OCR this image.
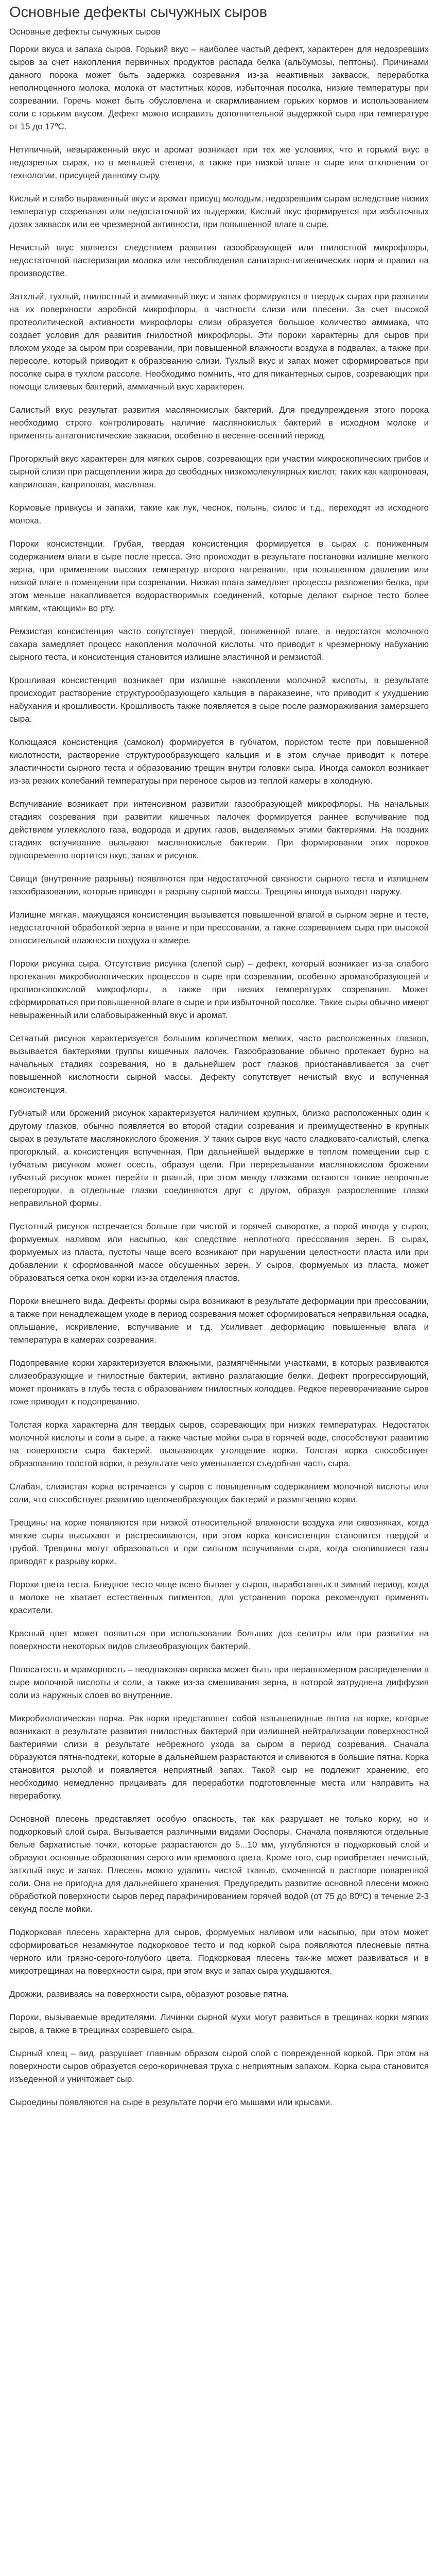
Основные дефекты сычужных сыров
Основные дефекты сычужных сыров

Пороки вкуса и запаха сыров. Горький вкус – наиболее частый дефект, характерен для недозревших сыров за счет накопления первичных продуктов распада белка (альбумозы, пептоны). Причинами данного порока может быть задержка созревания из-за неактивных заквасок, переработка неполноценного молока, молока от маститных коров, избыточная посолка, низкие температуры при созревании. Горечь может быть обусловлена и скармливанием горьких кормов и использованием соли с горьким вкусом. Дефект можно исправить дополнительной выдержкой сыра при температуре от 15 до 17ºС.

Нетипичный, невыраженный вкус и аромат возникает при тех же условиях, что и горький вкус в недозрелых сырах, но в меньшей степени, а также при низкой влаге в сыре или отклонении от технологии, присущей данному сыру.

Кислый и слабо выраженный вкус и аромат присущ молодым, недозревшим сырам вследствие низких температур созревания или недостаточной их выдержки. Кислый вкус формируется при избыточных дозах заквасок или ее чрезмерной активности, при повышенной влаге в сыре.

Нечистый вкус является следствием развития газообразующей или гнилостной микрофлоры, недостаточной пастеризации молока или несоблюдения санитарно-гигиенических норм и правил на производстве.

Затхлый, тухлый, гнилостный и аммиачный вкус и запах формируются в твердых сырах при развитии на их поверхности аэробной микрофлоры, в частности слизи или плесени. За счет высокой протеолитической активности микрофлоры слизи образуется большое количество аммиака, что создает условия для развития гнилостной микрофлоры. Эти пороки характерны для сыров при плохом уходе за сыром при созревании, при повышенной влажности воздуха в подвалах, а также при пересоле, который приводит к образованию слизи. Тухлый вкус и запах может сформироваться при посолке сыра в тухлом рассоле. Необходимо помнить, что для пикантерных сыров, созревающих при помощи слизевых бактерий, аммиачный вкус характерен.

Салистый вкус результат развития маслянокислых бактерий. Для предупреждения этого порока необходимо строго контролировать наличие маслянокислых бактерий в исходном молоке и применять антагонистические закваски, особенно в весенне-осенний период.

Прогорклый вкус характерен для мягких сыров, созревающих при участии микроскопических грибов и сырной слизи при расщеплении жира до свободных низкомолекулярных кислот, таких как капроновая, каприловая, каприловая, масляная.

Кормовые привкусы и запахи, такие как лук, чеснок, полынь, силос и т.д., переходят из исходного молока.

Пороки консистенции. Грубая, твердая консистенция формируется в сырах с пониженным содержанием влаги в сыре после пресса. Это происходит в результате постановки излишне мелкого зерна, при применении высоких температур второго нагревания, при повышенном давлении или низкой влаге в помещении при созревании. Низкая влага замедляет процессы разложения белка, при этом меньше накапливается водорастворимых соединений, которые делают сырное тесто более мягким, «тающим» во рту.

Ремзистая консистенция часто сопутствует твердой, пониженной влаге, а недостаток молочного сахара замедляет процесс накопления молочной кислоты, что приводит к чрезмерному набуханию сырного теста, и консистенция становится излишне эластичной и ремзистой.

Крошливая консистенция возникает при излишне накоплении молочной кислоты, в результате происходит растворение структурообразующего кальция в параказеине, что приводит к ухудшению набухания и крошливости. Крошливость также появляется в сыре после размораживания замерзшего сыра.

Колющаяся консистенция (самокол) формируется в губчатом, пористом тесте при повышенной кислотности, растворение структурообразующего кальция и в этом случае приводит к потере эластичности сырного теста и образованию трещин внутри головки сыра. Иногда самокол возникает из-за резких колебаний температуры при переносе сыров из теплой камеры в холодную.

Вспучивание возникает при интенсивном развитии газообразующей микрофлоры. На начальных стадиях созревания при развитии кишечных палочек формируется раннее вспучивание под действием углекислого газа, водорода и других газов, выделяемых этими бактериями. На поздних стадиях вспучивание вызывают маслянокислые бактерии. При формировании этих пороков одновременно портится вкус, запах и рисунок.

Свищи (внутренние разрывы) появляются при недостаточной связности сырного теста и излишнем газообразовании, которые приводят к разрыву сырной массы. Трещины иногда выходят наружу.

Излишне мягкая, мажущаяся консистенция вызывается повышенной влагой в сырном зерне и тесте, недостаточной обработкой зерна в ванне и при прессовании, а также созреванием сыра при высокой относительной влажности воздуха в камере.

Пороки рисунка сыра. Отсутствие рисунка (слепой сыр) – дефект, который возникает из-за слабого протекания микробиологических процессов в сыре при созревании, особенно ароматобразующей и пропионовокислой микрофлоры, а также при низких температурах созревания. Может сформироваться при повышенной влаге в сыре и при избыточной посолке. Такие сыры обычно имеют невыраженный или слабовыраженный вкус и аромат.

Сетчатый рисунок характеризуется большим количеством мелких, часто расположенных глазков, вызывается бактериями группы кишечных палочек. Газообразование обычно протекает бурно на начальных стадиях созревания, но в дальнейшем рост глазков приостанавливается за счет повышенной кислотности сырной массы. Дефекту сопутствует нечистый вкус и вспученная консистенция.

Губчатый или брожений рисунок характеризуется наличием крупных, близко расположенных один к другому глазков, обычно появляется во второй стадии созревания и преимущественно в крупных сырах в результате маслянокислого брожения. У таких сыров вкус часто сладковато-салистый, слегка прогорклый, а консистенция вспученная. При дальнейшей выдержке в теплом помещении сыр с губчатым рисунком может осесть, образуя щели. При перерезывании маслянокислом брожении губчатый рисунок может перейти в рваный, при этом между глазками остаются тонкие непрочные перегородки, а отдельные глазки соединяются друг с другом, образуя разрослевшие глазки неправильной формы.

Пустотный рисунок встречается больше при чистой и горячей сыворотке, а порой иногда у сыров, формуемых наливом или насыпью, как следствие неплотного прессования зерен. В сырах, формуемых из пласта, пустоты чаще всего возникают при нарушении целостности пласта или при добавлении к сформованной массе обсушенных зерен. У сыров, формуемых из пласта, может образоваться сетка окон корки из-за отделения пластов.

Пороки внешнего вида. Дефекты формы сыра возникают в результате деформации при прессовании, а также при ненадлежащем уходе в период созревания может сформироваться неправильная осадка, опльшание, искривление, вспучивание и т.д. Усиливает деформацию повышенные влага и температура в камерах созревания.

Подопревание корки характеризуется влажными, размягчёнными участками, в которых развиваются слизеобразующие и гнилостные бактерии, активно разлагающие белки. Дефект прогрессирующий, может проникать в глубь теста с образованием гнилостных колодцев. Редкое переворачивание сыров тоже приводит к подопреванию.

Толстая корка характерна для твердых сыров, созревающих при низких температурах. Недостаток молочной кислоты и соли в сыре, а также частые мойки сыра в горячей воде, способствуют развитию на поверхности сыра бактерий, вызывающих утолщение корки. Толстая корка способствует образованию толстой корки, в результате чего уменьшается съедобная часть сыра.

Слабая, слизистая корка встречается у сыров с повышенным содержанием молочной кислоты или соли, что способствует развитию щелочеобразующих бактерий и размягчению корки.

Трещины на корке появляются при низкой относительной влажности воздуха или сквозняках, когда мягкие сыры высыхают и растрескиваются, при этом корка консистенция становится твердой и грубой. Трещины могут образоваться и при сильном вспучивании сыра, когда скопившиеся газы приводят к разрыву корки.

Пороки цвета теста. Бледное тесто чаще всего бывает у сыров, выработанных в зимний период, когда в молоке не хватает естественных пигментов, для устранения порока рекомендуют применять красители.

Красный цвет может появиться при использовании больших доз селитры или при развитии на поверхности некоторых видов слизеобразующих бактерий.

Полосатость и мраморность – неоднаковая окраска может быть при неравномерном распределении в сыре молочной кислоты и соли, а также из-за смешивания зерна, в которой затруднена диффузия соли из наружных слоев во внутренние.

Микробиологическая порча. Рак корки представляет собой язвышевидные пятна на корке, которые возникают в результате развития гнилостных бактерий при излишней нейтрализации поверхностной бактериями слизи в результате небрежного ухода за сыром в период созревания. Сначала образуются пятна-подтеки, которые в дальнейшем разрастаются и сливаются в большие пятна. Корка становится рыхлой и появляется неприятный запах. Такой сыр не подлежит хранению, его необходимо немедленно прицаивать для переработки подготовленные места или направить на переработку.

Основной плесень представляет особую опасность, так как разрушает не только корку, но и подкорковый слой сыра. Вызывается различными видами Ооспоры. Сначала появляются отдельные белые бархатистые точки, которые разрастаются до 5...10 мм, углубляются в подкорковый слой и образуют основные образования серого или кремового цвета. Кроме того, сыр приобретает нечистый, затхлый вкус и запах. Плесень можно удалить чистой тканью, смоченной в растворе поваренной соли. Она не пригодна для дальнейшего хранения. Предупредить развитие основной плесени можно обработкой поверхности сыров перед парафинированием горячей водой (от 75 до 80ºС) в течение 2-3 секунд после мойки.

Подкорковая плесень характерна для сыров, формуемых наливом или насыпью, при этом может сформироваться незамкнутое подкорковое тесто и под коркой сыра появляются плесневые пятна черного или грязно-серого-голубого цвета. Подкорковая плесень так-же может развиваться и в микротрещинах на поверхности сыра, при этом вкус и запах сыра ухудшаются.

Дрожжи, развиваясь на поверхности сыра, образуют розовые пятна.

Пороки, вызываемые вредителями. Личинки сырной мухи могут развиться в трещинах корки мягких сыров, а также в трещинах созревшего сыра.

Сырный клещ – вид, разрушает главным образом сырой слой с поврежденной коркой. При этом на поверхности сыров образуется серо-коричневая труха с неприятным запахом. Корка сыра становится изъеденной и уничтожает сыр.

Сыроедины появляются на сыре в результате порчи его мышами или крысами.
